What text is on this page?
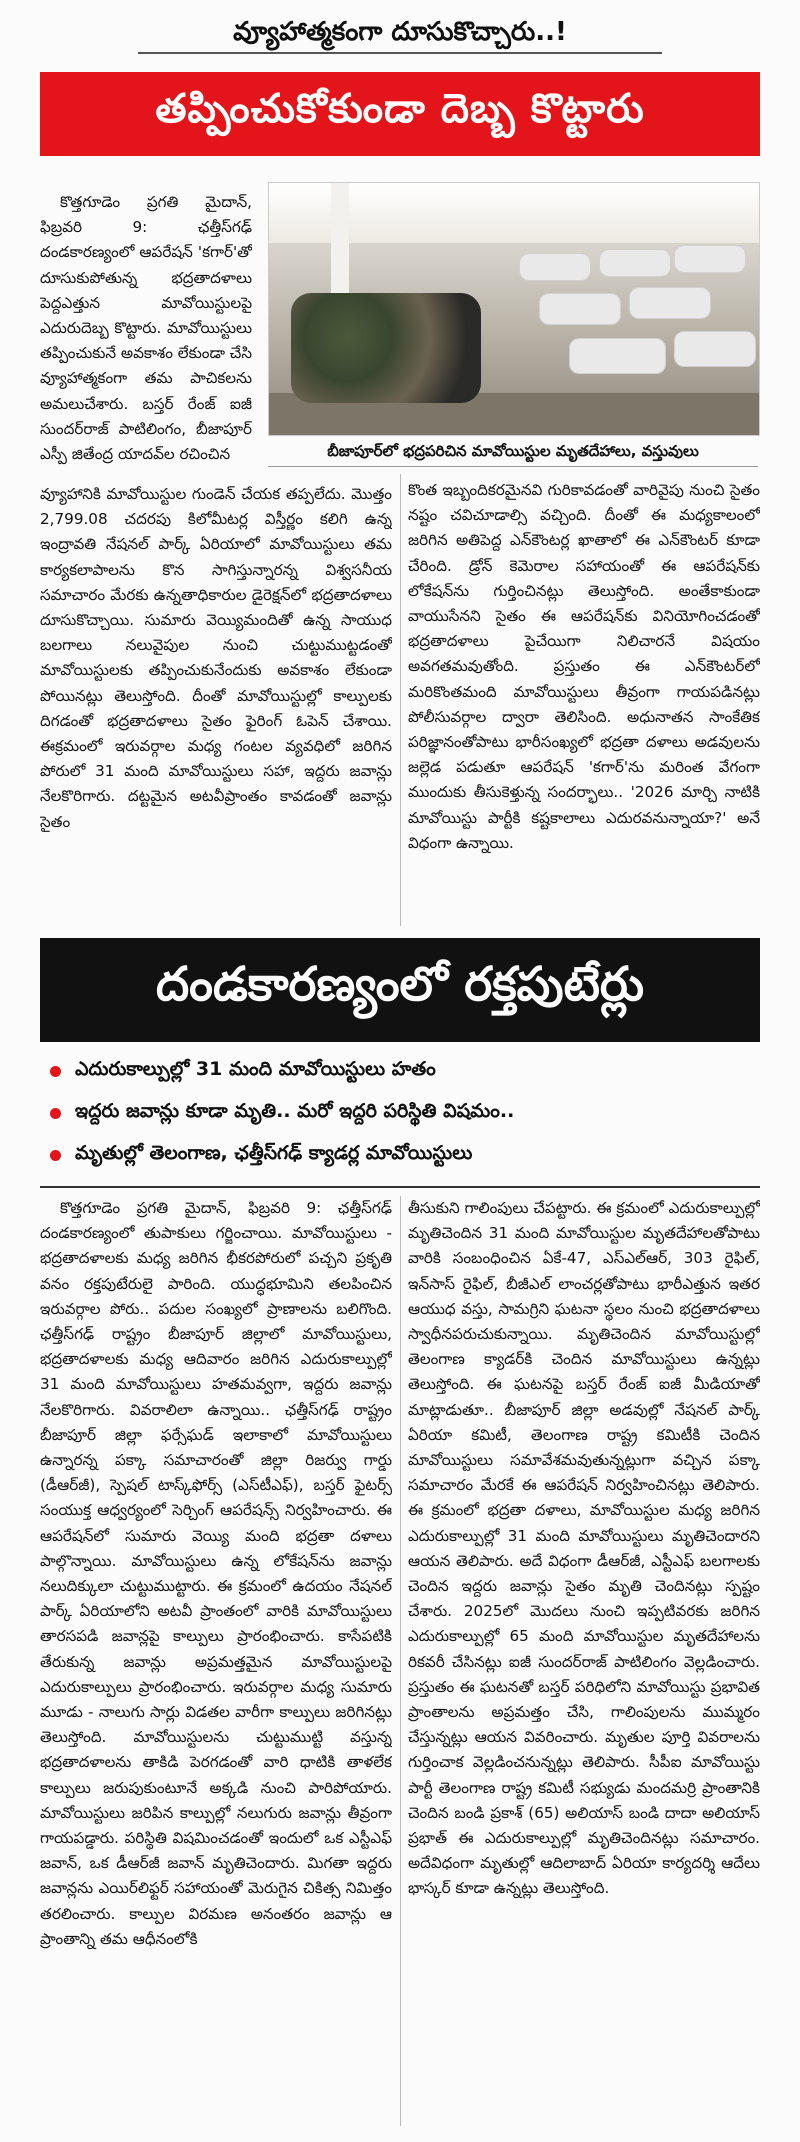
వ్యూహాత్మకంగా దూసుకొచ్చారు..!
తప్పించుకోకుండా దెబ్బ కొట్టారు

కొత్తగూడెం ప్రగతి మైదాన్, ఫిబ్రవరి 9: ఛత్తీస్‌గఢ్ దండకారణ్యంలో ఆపరేషన్ 'కగార్'తో దూసుకుపోతున్న భద్రతాదళాలు పెద్దఎత్తున మావోయిస్టులపై ఎదురుదెబ్బ కొట్టారు. మావోయిస్టులు తప్పించుకునే అవకాశం లేకుండా చేసి వ్యూహాత్మకంగా తమ పాచికలను అమలుచేశారు. బస్తర్ రేంజ్ ఐజీ సుందర్‌రాజ్ పాటిలింగం, బీజాపూర్ ఎస్పీ జితేంద్ర యాదవ్‌ల రచించిన	బీజాపూర్‌లో భద్రపరిచిన మావోయిస్టుల మృతదేహాలు, వస్తువులు

వ్యూహానికి మావోయిస్టుల గుండెన్ చేయక తప్పలేదు. మొత్తం 2,799.08 చదరపు కిలోమీటర్ల విస్తీర్ణం కలిగి ఉన్న ఇంద్రావతి నేషనల్ పార్క్ ఏరియాలో మావోయిస్టులు తమ కార్యకలాపాలను కొన సాగిస్తున్నారన్న విశ్వసనీయ సమాచారం మేరకు ఉన్నతాధికారుల డైరెక్షన్‌లో భద్రతాదళాలు దూసుకొచ్చాయి. సుమారు వెయ్యిమందితో ఉన్న సాయుధ బలగాలు నలువైపుల నుంచి చుట్టుముట్టడంతో మావోయిస్టులకు తప్పించుకునేందుకు అవకాశం లేకుండా పోయినట్లు తెలుస్తోంది. దీంతో మావోయిస్టుల్లో కాల్పులకు దిగడంతో భద్రతాదళాలు సైతం ఫైరింగ్ ఓపెన్ చేశాయి. ఈక్రమంలో ఇరువర్గాల మధ్య గంటల వ్యవధిలో జరిగిన పోరులో 31 మంది మావోయిస్టులు సహా, ఇద్దరు జవాన్లు నేలకొరిగారు. దట్టమైన అటవీప్రాంతం కావడంతో జవాన్లు సైతం

కొంత ఇబ్బందికరమైనవి గురికావడంతో వారివైపు నుంచి సైతం నష్టం చవిచూడాల్సి వచ్చింది. దీంతో ఈ మధ్యకాలంలో జరిగిన అతిపెద్ద ఎన్‌కౌంటర్ల ఖాతాలో ఈ ఎన్‌కౌంటర్ కూడా చేరింది. డ్రోన్ కెమెరాల సహాయంతో ఈ ఆపరేషన్‌కు లోకేషన్‌ను గుర్తించినట్లు తెలుస్తోంది. అంతేకాకుండా వాయుసేనని సైతం ఈ ఆపరేషన్‌కు వినియోగించడంతో భద్రతాదళాలు పైచేయిగా నిలిచారనే విషయం అవగతమవుతోంది. ప్రస్తుతం ఈ ఎన్‌కౌంటర్‌లో మరికొంతమంది మావోయిస్టులు తీవ్రంగా గాయపడినట్లు పోలీసువర్గాల ద్వారా తెలిసింది. అధునాతన సాంకేతిక పరిజ్ఞానంతోపాటు భారీసంఖ్యలో భద్రతా దళాలు అడవులను జల్లెడ పడుతూ ఆపరేషన్ 'కగార్'ను మరింత వేగంగా ముందుకు తీసుకెళ్తున్న సందర్భాలు.. '2026 మార్చి నాటికి మావోయిస్టు పార్టీకి కష్టకాలాలు ఎదురవనున్నాయా?' అనే విధంగా ఉన్నాయి.

దండకారణ్యంలో రక్తపుటేర్లు
ఎదురుకాల్పుల్లో 31 మంది మావోయిస్టులు హతం
ఇద్దరు జవాన్లు కూడా మృతి.. మరో ఇద్దరి పరిస్థితి విషమం..
మృతుల్లో తెలంగాణ, ఛత్తీస్‌గఢ్ క్యాడర్ల మావోయిస్టులు

కొత్తగూడెం ప్రగతి మైదాన్, ఫిబ్రవరి 9: ఛత్తీస్‌గఢ్ దండకారణ్యంలో తుపాకులు గర్జించాయి. మావోయిస్టులు - భద్రతాదళాలకు మధ్య జరిగిన భీకరపోరులో పచ్చని ప్రకృతి వనం రక్తపుటేరులై పారింది. యుద్ధభూమిని తలపించిన ఇరువర్గాల పోరు.. పదుల సంఖ్యలో ప్రాణాలను బలిగొంది. ఛత్తీస్‌గఢ్ రాష్ట్రం బీజాపూర్ జిల్లాలో మావోయిస్టులు, భద్రతాదళాలకు మధ్య ఆదివారం జరిగిన ఎదురుకాల్పుల్లో 31 మంది మావోయిస్టులు హతమవ్వగా, ఇద్దరు జవాన్లు నేలకొరిగారు. వివరాలిలా ఉన్నాయి.. ఛత్తీస్‌గఢ్ రాష్ట్రం బీజాపూర్ జిల్లా ఫర్సేఘడ్ ఇలాకాలో మావోయిస్టులు ఉన్నారన్న పక్కా సమాచారంతో జిల్లా రిజర్వు గార్డు (డీఆర్‌జీ), స్పెషల్ టాస్క్‌ఫోర్స్ (ఎస్‌టీఎఫ్), బస్తర్ ఫైటర్స్ సంయుక్త ఆధ్వర్యంలో సెర్చింగ్ ఆపరేషన్స్ నిర్వహించారు. ఈ ఆపరేషన్‌లో సుమారు వెయ్యి మంది భద్రతా దళాలు పాల్గొన్నాయి. మావోయిస్టులు ఉన్న లోకేషన్‌ను జవాన్లు నలుదిక్కులా చుట్టుముట్టారు. ఈ క్రమంలో ఉదయం నేషనల్ పార్క్ ఏరియాలోని అటవీ ప్రాంతంలో వారికి మావోయిస్టులు తారసపడి జవాన్లపై కాల్పులు ప్రారంభించారు. కాసేపటికి తేరుకున్న జవాన్లు అప్రమత్తమైన మావోయిస్టులపై ఎదురుకాల్పులు ప్రారంభించారు. ఇరువర్గాల మధ్య సుమారు మూడు - నాలుగు సార్లు విడతల వారీగా కాల్పులు జరిగినట్లు తెలుస్తోంది. మావోయిస్టులను చుట్టుముట్టి వస్తున్న భద్రతాదళాలను తాకిడి పెరగడంతో వారి ధాటికి తాళలేక కాల్పులు జరుపుకుంటూనే అక్కడి నుంచి పారిపోయారు. మావోయిస్టులు జరిపిన కాల్పుల్లో నలుగురు జవాన్లు తీవ్రంగా గాయపడ్డారు. పరిస్థితి విషమించడంతో ఇందులో ఒక ఎస్టీఎఫ్ జవాన్, ఒక డీఆర్‌జీ జవాన్ మృతిచెందారు. మిగతా ఇద్దరు జవాన్లను ఎయిర్‌లిఫ్టర్ సహాయంతో మెరుగైన చికిత్స నిమిత్తం తరలించారు. కాల్పుల విరమణ అనంతరం జవాన్లు ఆ ప్రాంతాన్ని తమ ఆధీనంలోకి

తీసుకుని గాలింపులు చేపట్టారు. ఈ క్రమంలో ఎదురుకాల్పుల్లో మృతిచెందిన 31 మంది మావోయిస్టుల మృతదేహాలతోపాటు వారికి సంబంధించిన ఏకే-47, ఎస్ఎల్ఆర్, 303 రైఫిల్, ఇన్‌సాస్ రైఫిల్, బీజీఎల్ లాంచర్లతోపాటు భారీఎత్తున ఇతర ఆయుధ వస్తు, సామగ్రిని ఘటనా స్థలం నుంచి భద్రతాదళాలు స్వాధీనపరుచుకున్నాయి. మృతిచెందిన మావోయిస్టుల్లో తెలంగాణ క్యాడర్‌కి చెందిన మావోయిస్టులు ఉన్నట్లు తెలుస్తోంది. ఈ ఘటనపై బస్తర్ రేంజ్ ఐజీ మీడియాతో మాట్లాడుతూ.. బీజాపూర్ జిల్లా అడవుల్లో నేషనల్ పార్క్ ఏరియా కమిటీ, తెలంగాణ రాష్ట్ర కమిటీకి చెందిన మావోయిస్టులు సమావేశమవుతున్నట్లుగా వచ్చిన పక్కా సమాచారం మేరకే ఈ ఆపరేషన్ నిర్వహించినట్లు తెలిపారు. ఈ క్రమంలో భద్రతా దళాలు, మావోయిస్టుల మధ్య జరిగిన ఎదురుకాల్పుల్లో 31 మంది మావోయిస్టులు మృతిచెందారని ఆయన తెలిపారు. అదే విధంగా డీఆర్‌జీ, ఎస్టీఎఫ్ బలగాలకు చెందిన ఇద్దరు జవాన్లు సైతం మృతి చెందినట్లు స్పష్టం చేశారు. 2025లో మొదలు నుంచి ఇప్పటివరకు జరిగిన ఎదురుకాల్పుల్లో 65 మంది మావోయిస్టుల మృతదేహాలను రికవరీ చేసినట్లు ఐజీ సుందర్‌రాజ్ పాటిలింగం వెల్లడించారు. ప్రస్తుతం ఈ ఘటనతో బస్తర్ పరిధిలోని మావోయిస్టు ప్రభావిత ప్రాంతాలను అప్రమత్తం చేసి, గాలింపులను ముమ్మరం చేస్తున్నట్లు ఆయన వివరించారు. మృతుల పూర్తి వివరాలను గుర్తించాక వెల్లడించనున్నట్లు తెలిపారు. సీపీఐ మావోయిస్టు పార్టీ తెలంగాణ రాష్ట్ర కమిటీ సభ్యుడు మందమర్రి ప్రాంతానికి చెందిన బండి ప్రకాశ్ (65) అలియాస్ బండి దాదా అలియాస్ ప్రభాత్ ఈ ఎదురుకాల్పుల్లో మృతిచెందినట్లు సమాచారం. అదేవిధంగా మృతుల్లో ఆదిలాబాద్ ఏరియా కార్యదర్శి ఆదేలు భాస్కర్ కూడా ఉన్నట్లు తెలుస్తోంది.
